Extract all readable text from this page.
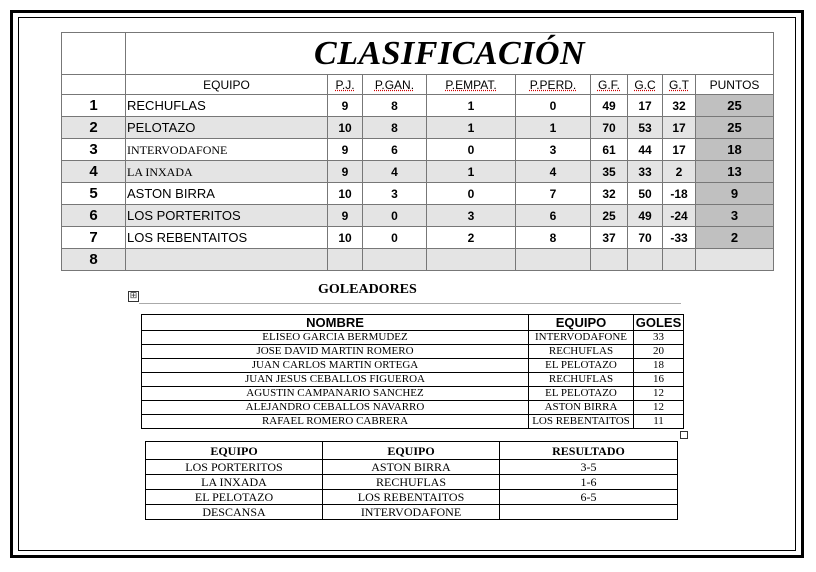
	CLASIFICACIÓN								
	EQUIPO	P.J.	P.GAN.	P.EMPAT.	P.PERD.	G.F.	G.C	G.T	PUNTOS
1	RECHUFLAS	9	8	1	0	49	17	32	25
2	PELOTAZO	10	8	1	1	70	53	17	25
3	INTERVODAFONE	9	6	0	3	61	44	17	18
4	LA INXADA	9	4	1	4	35	33	2	13
5	ASTON BIRRA	10	3	0	7	32	50	-18	9
6	LOS PORTERITOS	9	0	3	6	25	49	-24	3
7	LOS REBENTAITOS	10	0	2	8	37	70	-33	2
8									
GOLEADORES
⊞
NOMBRE	EQUIPO	GOLES
ELISEO GARCIA BERMUDEZ	INTERVODAFONE	33
JOSE DAVID MARTIN ROMERO	RECHUFLAS	20
JUAN CARLOS MARTIN ORTEGA	EL PELOTAZO	18
JUAN JESUS CEBALLOS FIGUEROA	RECHUFLAS	16
AGUSTIN CAMPANARIO SANCHEZ	EL PELOTAZO	12
ALEJANDRO CEBALLOS NAVARRO	ASTON BIRRA	12
RAFAEL ROMERO CABRERA	LOS REBENTAITOS	11
EQUIPO	EQUIPO	RESULTADO
LOS PORTERITOS	ASTON BIRRA	3-5
LA INXADA	RECHUFLAS	1-6
EL PELOTAZO	LOS REBENTAITOS	6-5
DESCANSA	INTERVODAFONE	
